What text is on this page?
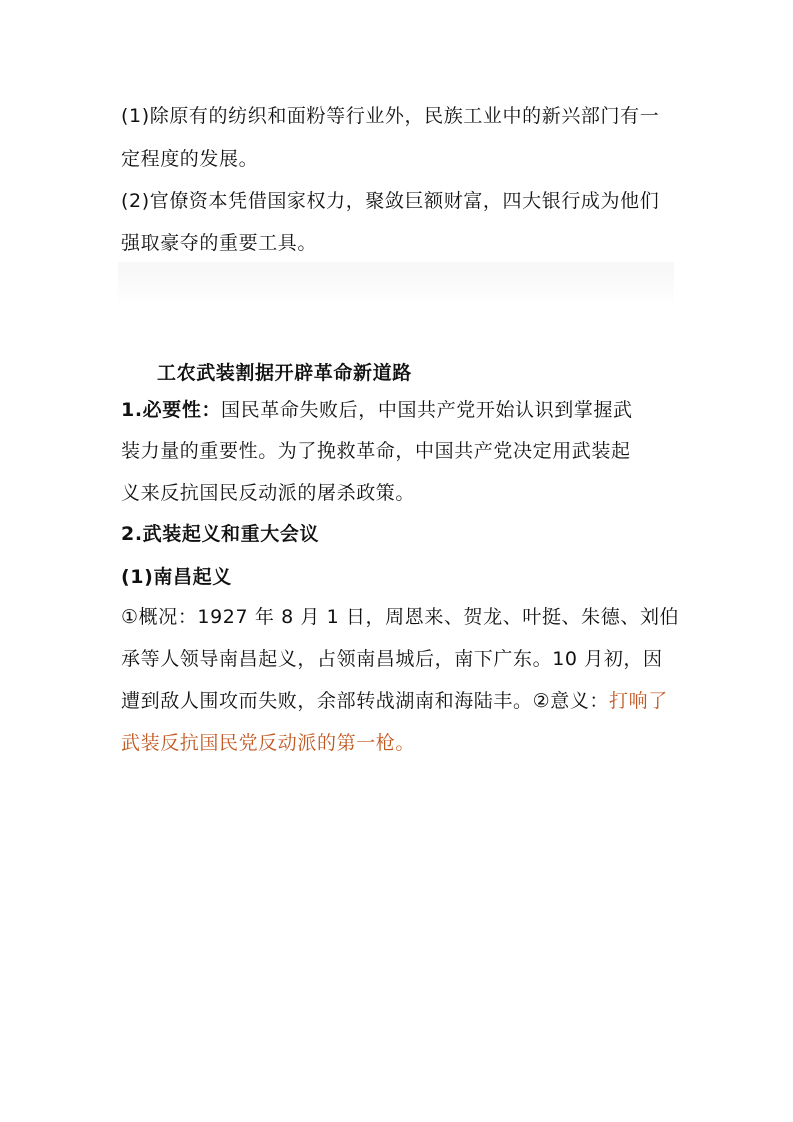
(1)除原有的纺织和面粉等行业外，民族工业中的新兴部门有一
定程度的发展。
(2)官僚资本凭借国家权力，聚敛巨额财富，四大银行成为他们
强取豪夺的重要工具。
工农武装割据开辟革命新道路
1.必要性：国民革命失败后，中国共产党开始认识到掌握武
装力量的重要性。为了挽救革命，中国共产党决定用武装起
义来反抗国民反动派的屠杀政策。
2.武装起义和重大会议
(1)南昌起义
①概况：1927 年 8 月 1 日，周恩来、贺龙、叶挺、朱德、刘伯
承等人领导南昌起义，占领南昌城后，南下广东。10 月初，因
遭到敌人围攻而失败，余部转战湖南和海陆丰。②意义：打响了
武装反抗国民党反动派的第一枪。
